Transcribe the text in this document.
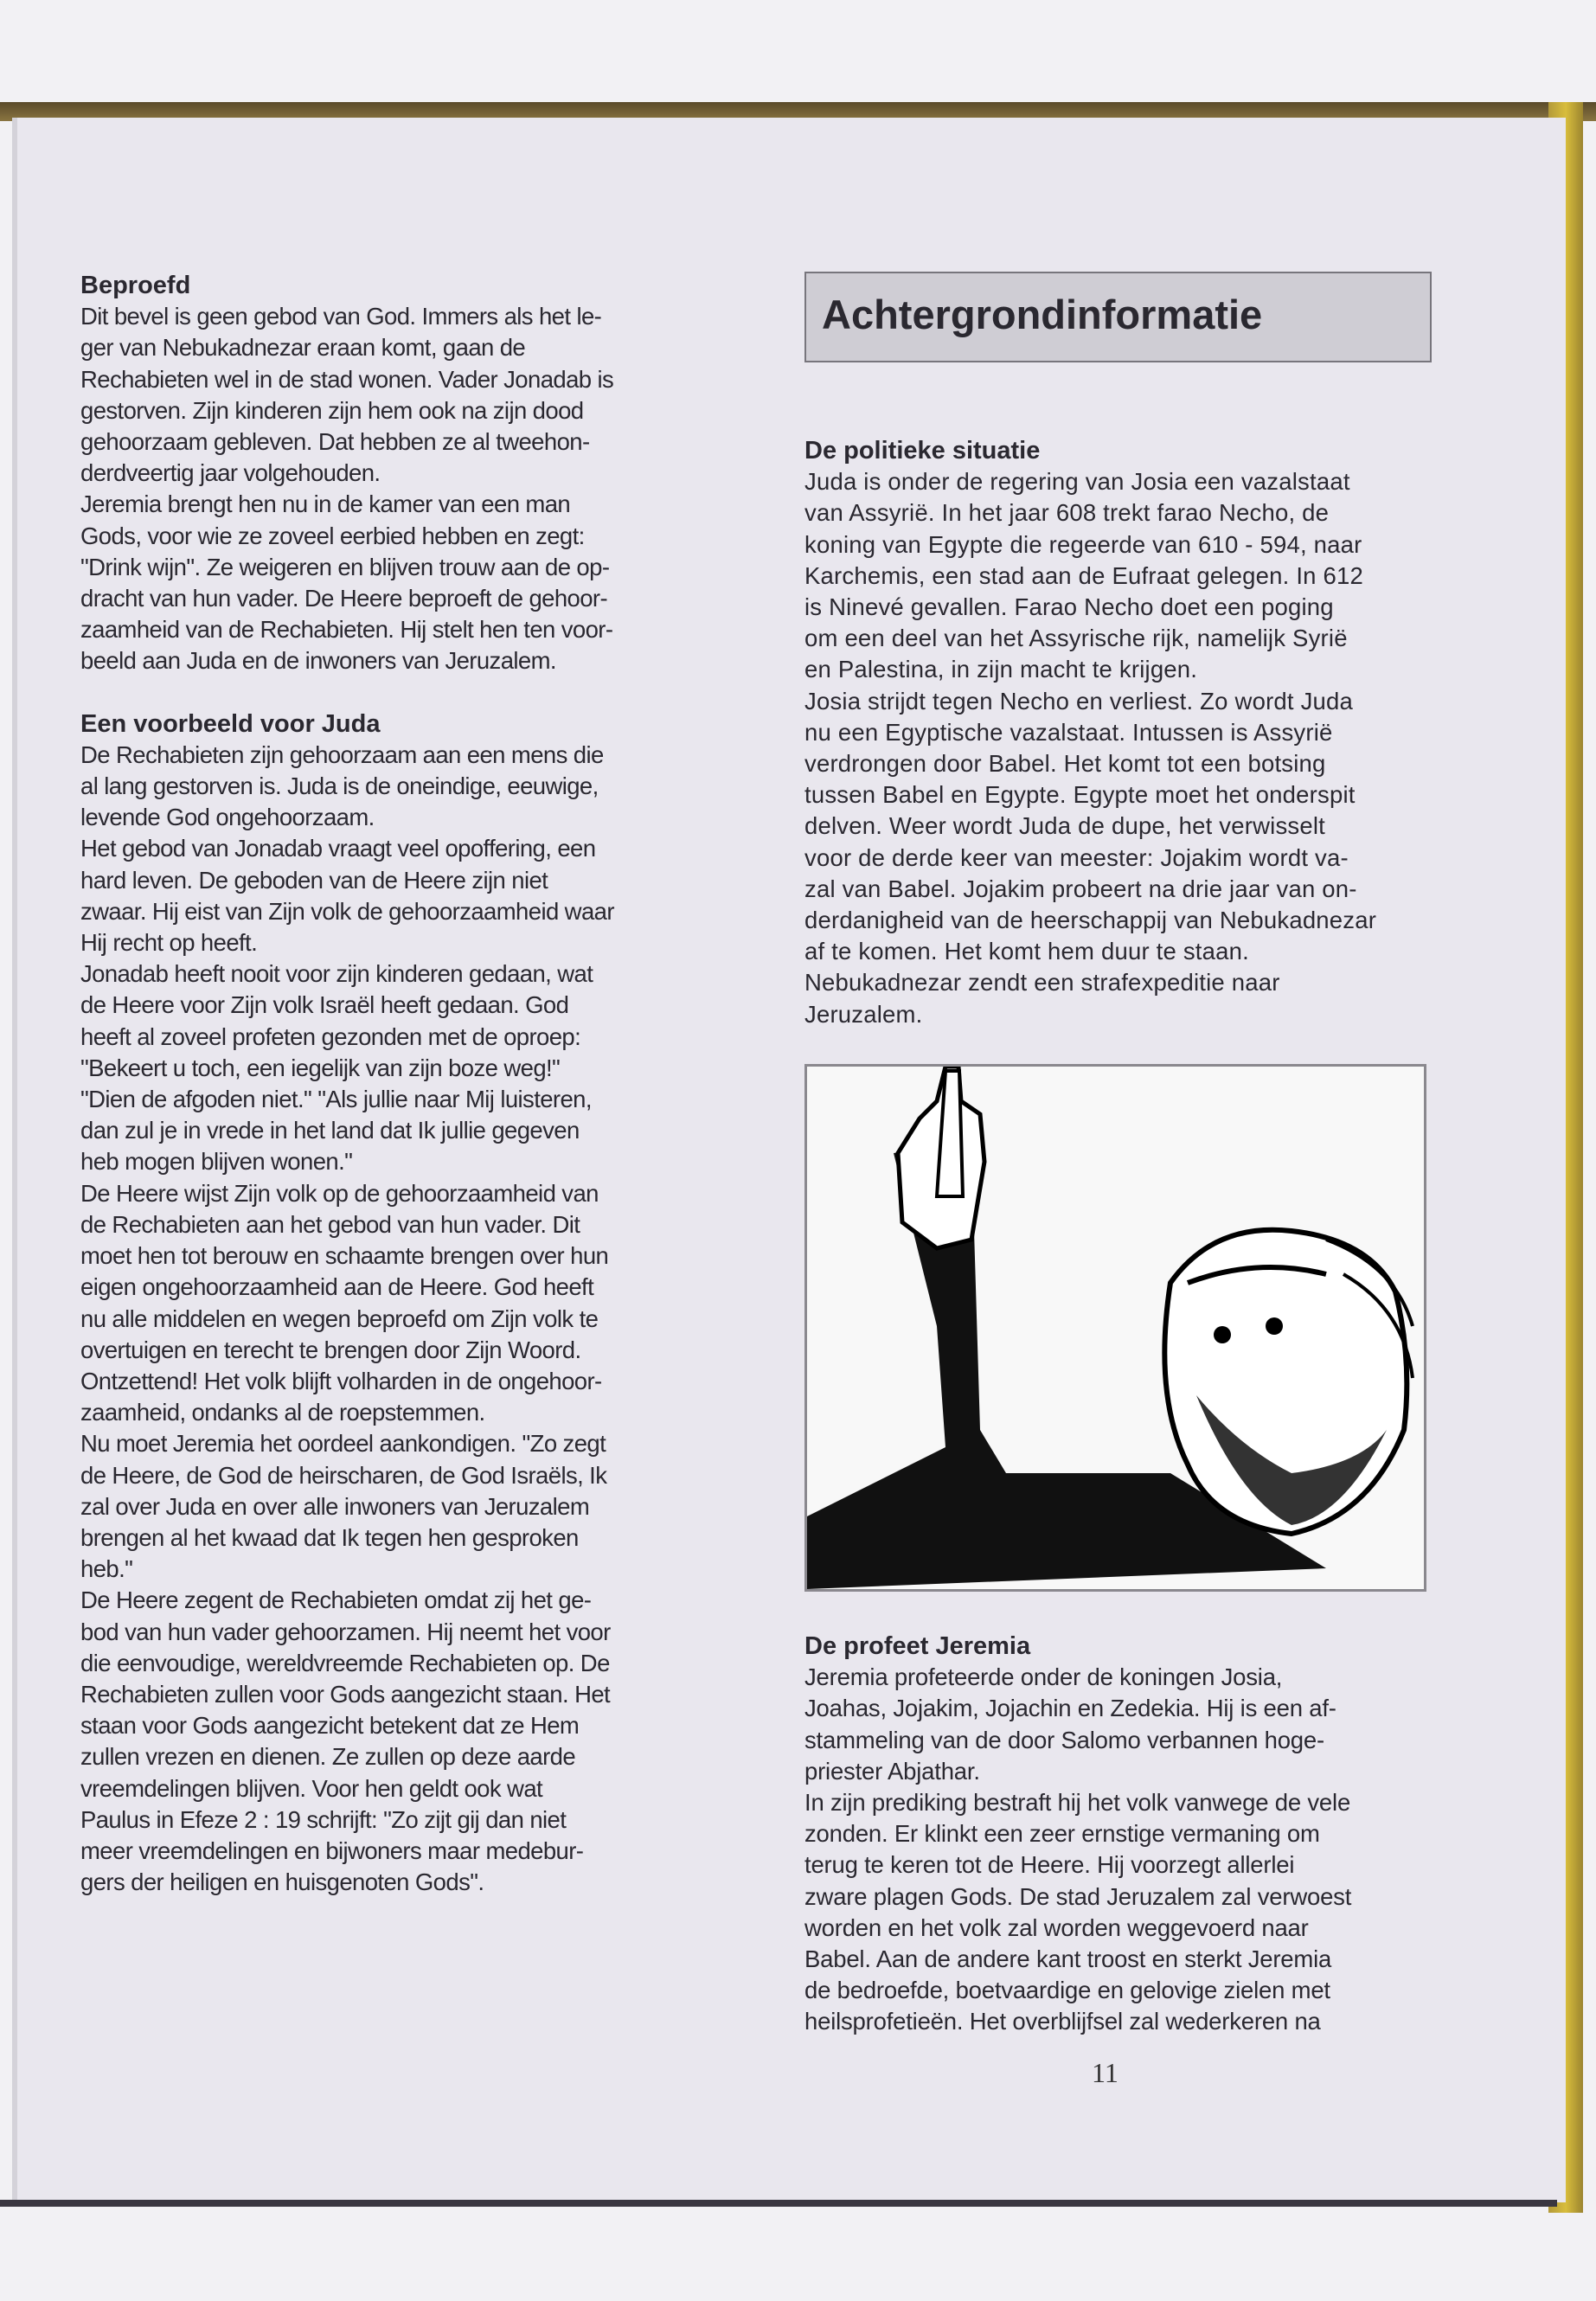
Beproefd
Dit bevel is geen gebod van God. Immers als het le-
ger van Nebukadnezar eraan komt, gaan de
Rechabieten wel in de stad wonen. Vader Jonadab is
gestorven. Zijn kinderen zijn hem ook na zijn dood
gehoorzaam gebleven. Dat hebben ze al tweehon-
derdveertig jaar volgehouden.
Jeremia brengt hen nu in de kamer van een man
Gods, voor wie ze zoveel eerbied hebben en zegt:
"Drink wijn". Ze weigeren en blijven trouw aan de op-
dracht van hun vader. De Heere beproeft de gehoor-
zaamheid van de Rechabieten. Hij stelt hen ten voor-
beeld aan Juda en de inwoners van Jeruzalem.
Een voorbeeld voor Juda
De Rechabieten zijn gehoorzaam aan een mens die
al lang gestorven is. Juda is de oneindige, eeuwige,
levende God ongehoorzaam.
Het gebod van Jonadab vraagt veel opoffering, een
hard leven. De geboden van de Heere zijn niet
zwaar. Hij eist van Zijn volk de gehoorzaamheid waar
Hij recht op heeft.
Jonadab heeft nooit voor zijn kinderen gedaan, wat
de Heere voor Zijn volk Israël heeft gedaan. God
heeft al zoveel profeten gezonden met de oproep:
"Bekeert u toch, een iegelijk van zijn boze weg!"
"Dien de afgoden niet." "Als jullie naar Mij luisteren,
dan zul je in vrede in het land dat Ik jullie gegeven
heb mogen blijven wonen."
De Heere wijst Zijn volk op de gehoorzaamheid van
de Rechabieten aan het gebod van hun vader. Dit
moet hen tot berouw en schaamte brengen over hun
eigen ongehoorzaamheid aan de Heere. God heeft
nu alle middelen en wegen beproefd om Zijn volk te
overtuigen en terecht te brengen door Zijn Woord.
Ontzettend! Het volk blijft volharden in de ongehoor-
zaamheid, ondanks al de roepstemmen.
Nu moet Jeremia het oordeel aankondigen. "Zo zegt
de Heere, de God de heirscharen, de God Israëls, Ik
zal over Juda en over alle inwoners van Jeruzalem
brengen al het kwaad dat Ik tegen hen gesproken
heb."
De Heere zegent de Rechabieten omdat zij het ge-
bod van hun vader gehoorzamen. Hij neemt het voor
die eenvoudige, wereldvreemde Rechabieten op. De
Rechabieten zullen voor Gods aangezicht staan. Het
staan voor Gods aangezicht betekent dat ze Hem
zullen vrezen en dienen. Ze zullen op deze aarde
vreemdelingen blijven. Voor hen geldt ook wat
Paulus in Efeze 2 : 19 schrijft: "Zo zijt gij dan niet
meer vreemdelingen en bijwoners maar medebur-
gers der heiligen en huisgenoten Gods".
Achtergrondinformatie
De politieke situatie
Juda is onder de regering van Josia een vazalstaat
van Assyrië. In het jaar 608 trekt farao Necho, de
koning van Egypte die regeerde van 610 - 594, naar
Karchemis, een stad aan de Eufraat gelegen. In 612
is Ninevé gevallen. Farao Necho doet een poging
om een deel van het Assyrische rijk, namelijk Syrië
en Palestina, in zijn macht te krijgen.
Josia strijdt tegen Necho en verliest. Zo wordt Juda
nu een Egyptische vazalstaat. Intussen is Assyrië
verdrongen door Babel. Het komt tot een botsing
tussen Babel en Egypte. Egypte moet het onderspit
delven. Weer wordt Juda de dupe, het verwisselt
voor de derde keer van meester: Jojakim wordt va-
zal van Babel. Jojakim probeert na drie jaar van on-
derdanigheid van de heerschappij van Nebukadnezar
af te komen. Het komt hem duur te staan.
Nebukadnezar zendt een strafexpeditie naar
Jeruzalem.
De profeet Jeremia
Jeremia profeteerde onder de koningen Josia,
Joahas, Jojakim, Jojachin en Zedekia. Hij is een af-
stammeling van de door Salomo verbannen hoge-
priester Abjathar.
In zijn prediking bestraft hij het volk vanwege de vele
zonden. Er klinkt een zeer ernstige vermaning om
terug te keren tot de Heere. Hij voorzegt allerlei
zware plagen Gods. De stad Jeruzalem zal verwoest
worden en het volk zal worden weggevoerd naar
Babel. Aan de andere kant troost en sterkt Jeremia
de bedroefde, boetvaardige en gelovige zielen met
heilsprofetieën. Het overblijfsel zal wederkeren na
11
